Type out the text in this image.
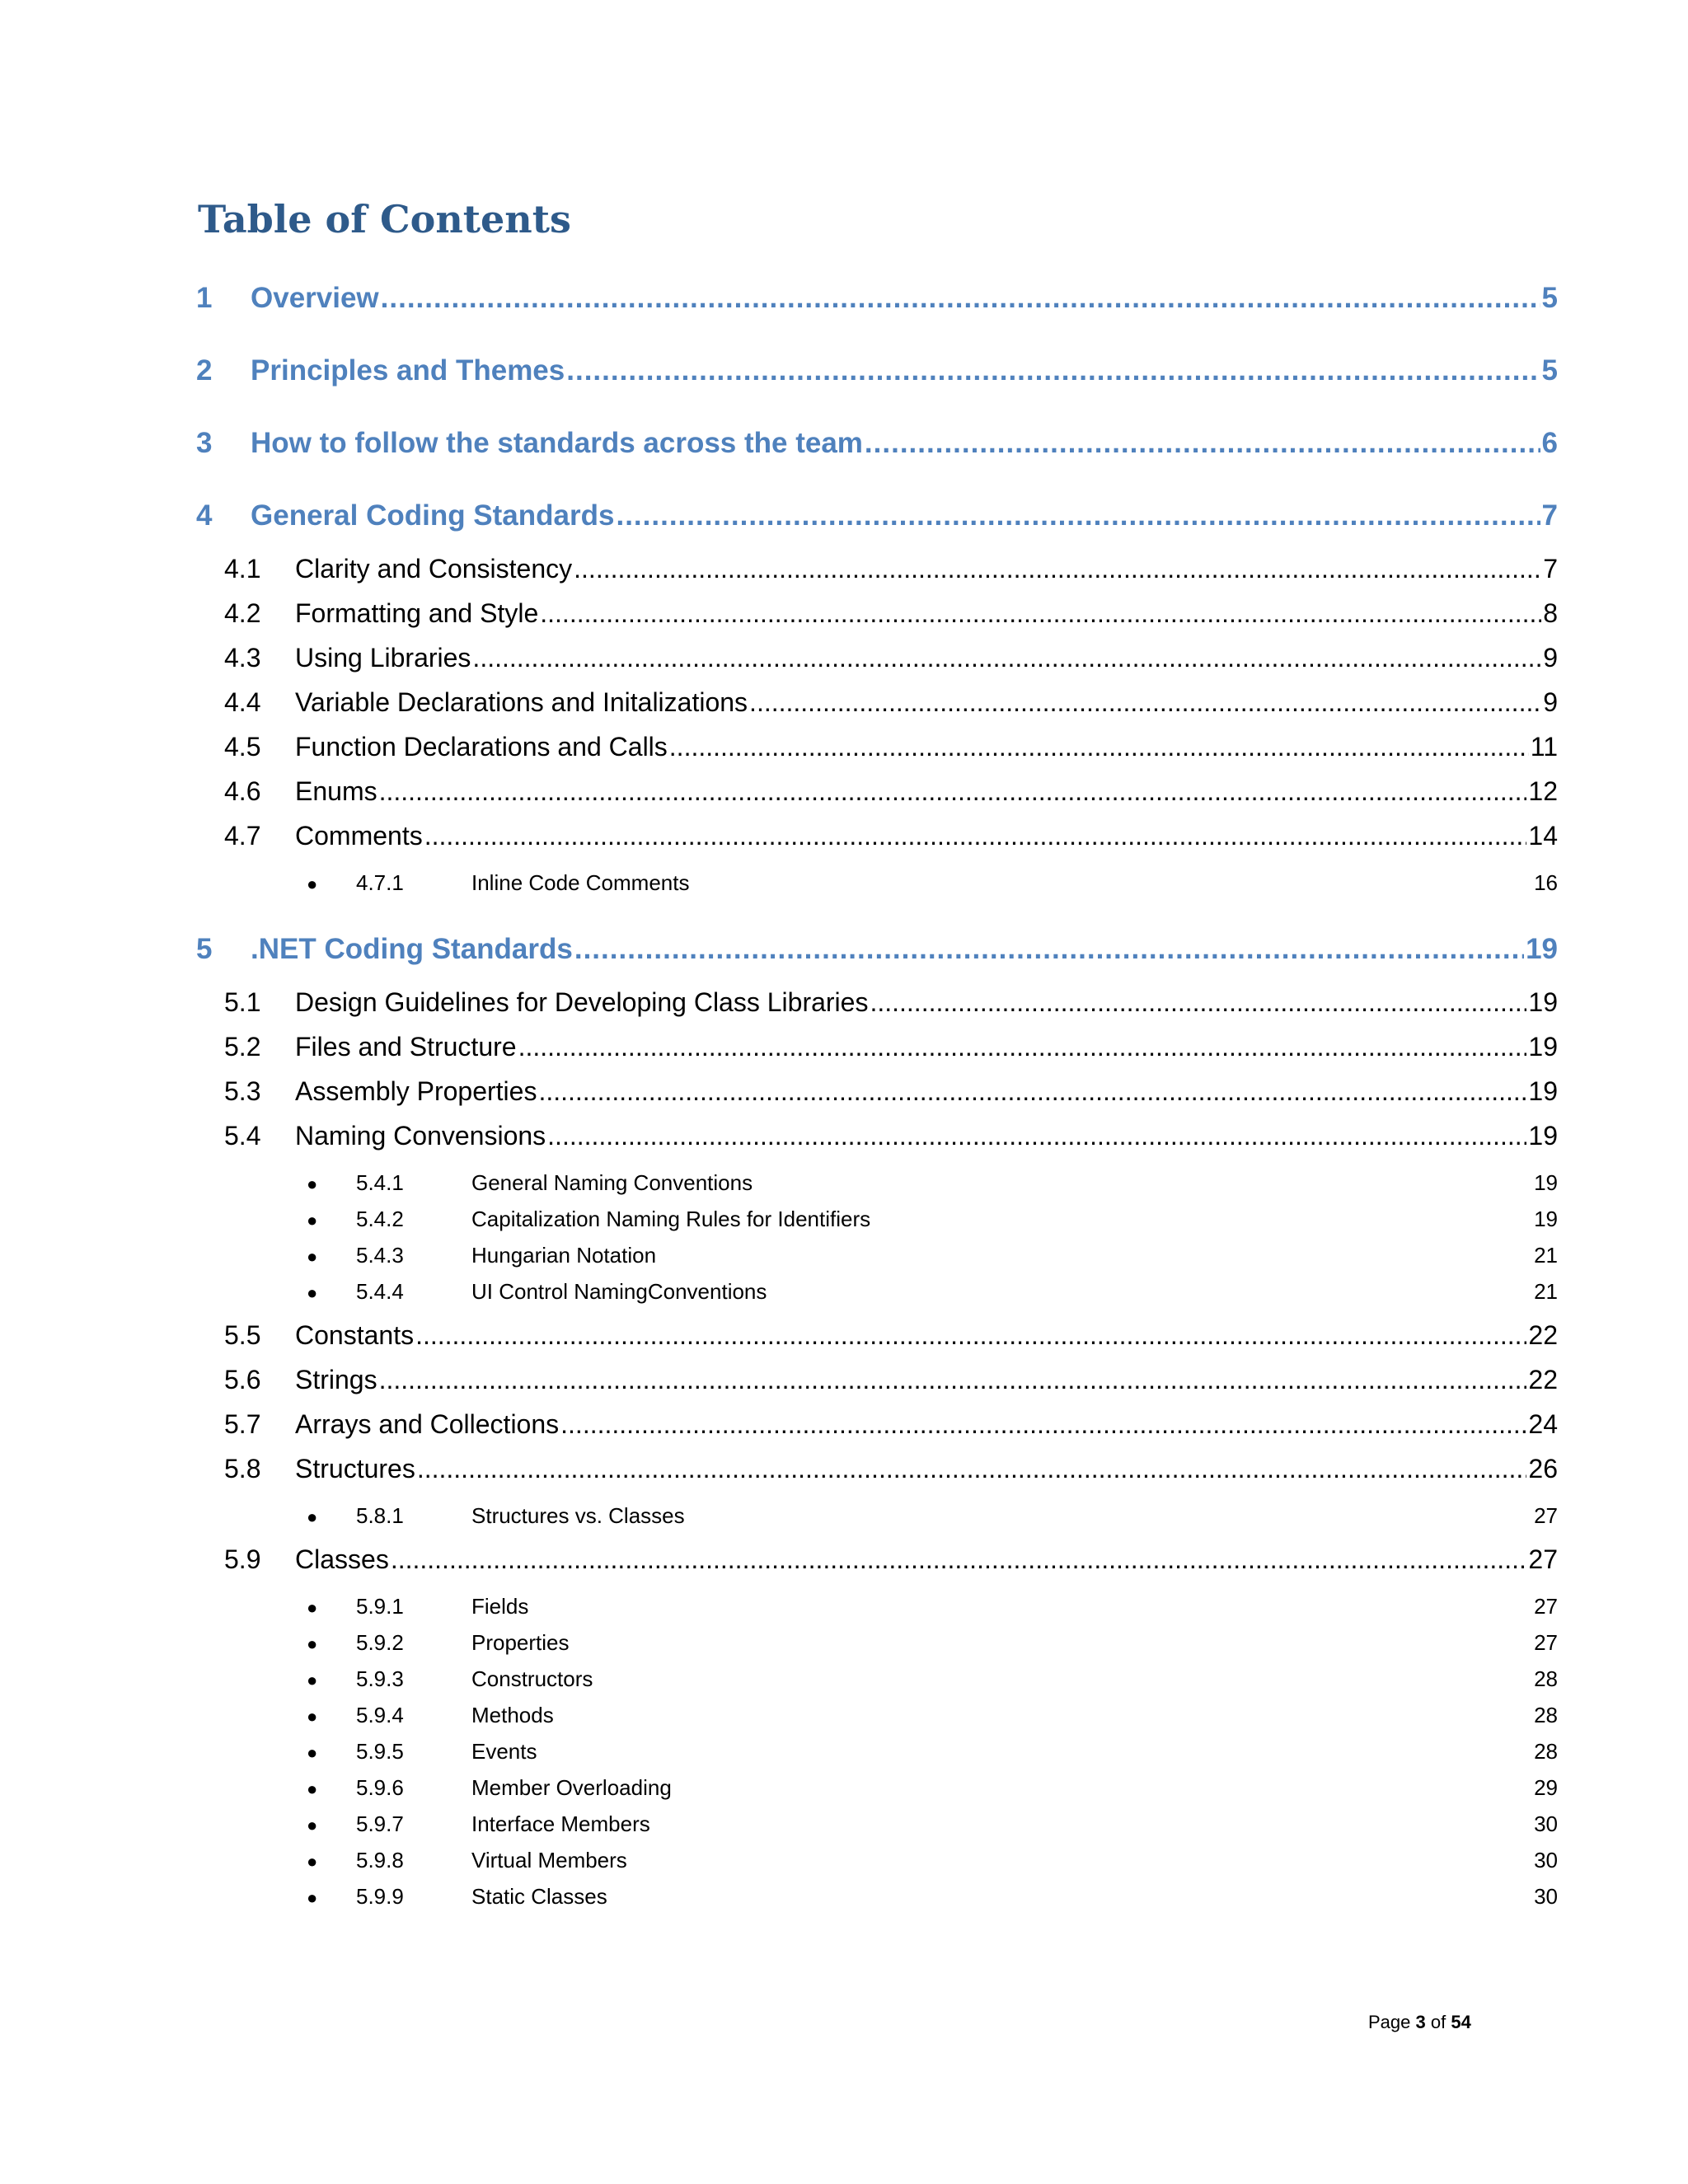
Table of Contents
1	Overview .....	5
2	Principles and Themes .....	5
3	How to follow the standards across the team .....	6
4	General Coding Standards .....	7
4.1	Clarity and Consistency .....	7
4.2	Formatting and Style .....	8
4.3	Using Libraries .....	9
4.4	Variable Declarations and Initalizations .....	9
4.5	Function Declarations and Calls .....	11
4.6	Enums .....	12
4.7	Comments .....	14
●	4.7.1	Inline Code Comments	16
5	.NET Coding Standards .....	19
5.1	Design Guidelines for Developing Class Libraries .....	19
5.2	Files and Structure .....	19
5.3	Assembly Properties .....	19
5.4	Naming Convensions .....	19
●	5.4.1	General Naming Conventions	19
●	5.4.2	Capitalization Naming Rules for Identifiers	19
●	5.4.3	Hungarian Notation	21
●	5.4.4	UI Control NamingConventions	21
5.5	Constants .....	22
5.6	Strings .....	22
5.7	Arrays and Collections .....	24
5.8	Structures .....	26
●	5.8.1	Structures vs. Classes	27
5.9	Classes .....	27
●	5.9.1	Fields	27
●	5.9.2	Properties	27
●	5.9.3	Constructors	28
●	5.9.4	Methods	28
●	5.9.5	Events	28
●	5.9.6	Member Overloading	29
●	5.9.7	Interface Members	30
●	5.9.8	Virtual Members	30
●	5.9.9	Static Classes	30
Page 3 of 54
